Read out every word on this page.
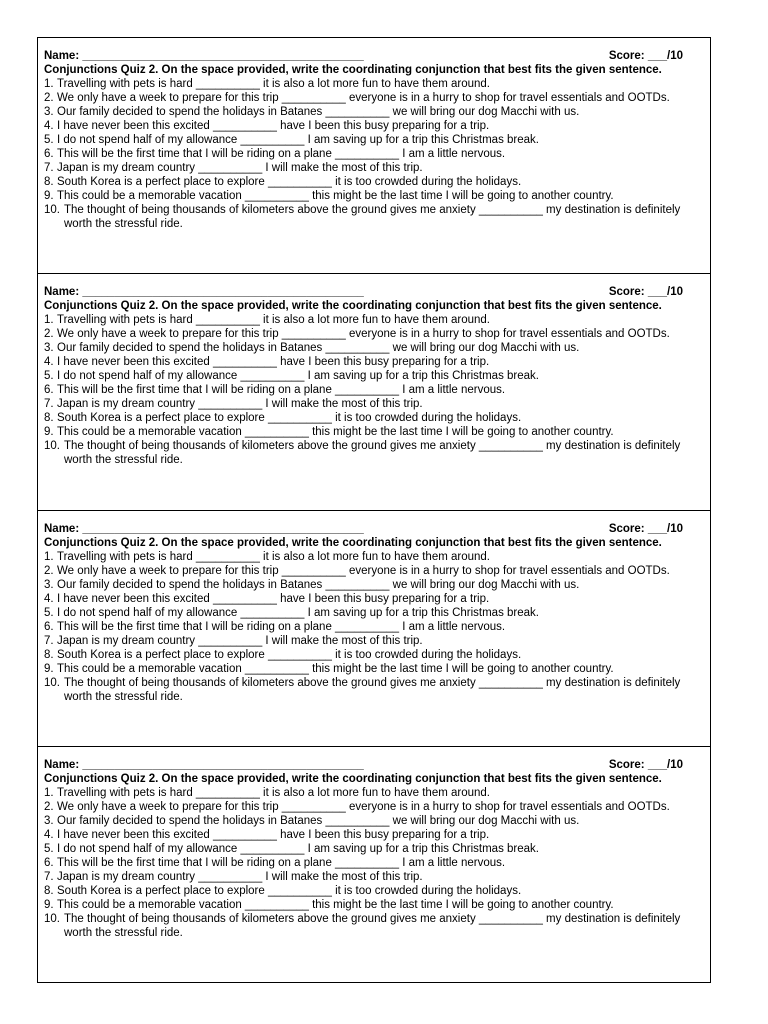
Name: ____________________________________________	Score: ___/10
Conjunctions Quiz 2. On the space provided, write the coordinating conjunction that best fits the given sentence.
1. Travelling with pets is hard __________ it is also a lot more fun to have them around.
2. We only have a week to prepare for this trip __________ everyone is in a hurry to shop for travel essentials and OOTDs.
3. Our family decided to spend the holidays in Batanes __________ we will bring our dog Macchi with us.
4. I have never been this excited __________ have I been this busy preparing for a trip.
5. I do not spend half of my allowance __________ I am saving up for a trip this Christmas break.
6. This will be the first time that I will be riding on a plane __________ I am a little nervous.
7. Japan is my dream country __________ I will make the most of this trip.
8. South Korea is a perfect place to explore __________ it is too crowded during the holidays.
9. This could be a memorable vacation __________ this might be the last time I will be going to another country.
10. The thought of being thousands of kilometers above the ground gives me anxiety __________ my destination is definitely worth the stressful ride.
Name: ____________________________________________	Score: ___/10
Conjunctions Quiz 2. On the space provided, write the coordinating conjunction that best fits the given sentence.
1. Travelling with pets is hard __________ it is also a lot more fun to have them around.
2. We only have a week to prepare for this trip __________ everyone is in a hurry to shop for travel essentials and OOTDs.
3. Our family decided to spend the holidays in Batanes __________ we will bring our dog Macchi with us.
4. I have never been this excited __________ have I been this busy preparing for a trip.
5. I do not spend half of my allowance __________ I am saving up for a trip this Christmas break.
6. This will be the first time that I will be riding on a plane __________ I am a little nervous.
7. Japan is my dream country __________ I will make the most of this trip.
8. South Korea is a perfect place to explore __________ it is too crowded during the holidays.
9. This could be a memorable vacation __________ this might be the last time I will be going to another country.
10. The thought of being thousands of kilometers above the ground gives me anxiety __________ my destination is definitely worth the stressful ride.
Name: ____________________________________________	Score: ___/10
Conjunctions Quiz 2. On the space provided, write the coordinating conjunction that best fits the given sentence.
1. Travelling with pets is hard __________ it is also a lot more fun to have them around.
2. We only have a week to prepare for this trip __________ everyone is in a hurry to shop for travel essentials and OOTDs.
3. Our family decided to spend the holidays in Batanes __________ we will bring our dog Macchi with us.
4. I have never been this excited __________ have I been this busy preparing for a trip.
5. I do not spend half of my allowance __________ I am saving up for a trip this Christmas break.
6. This will be the first time that I will be riding on a plane __________ I am a little nervous.
7. Japan is my dream country __________ I will make the most of this trip.
8. South Korea is a perfect place to explore __________ it is too crowded during the holidays.
9. This could be a memorable vacation __________ this might be the last time I will be going to another country.
10. The thought of being thousands of kilometers above the ground gives me anxiety __________ my destination is definitely worth the stressful ride.
Name: ____________________________________________	Score: ___/10
Conjunctions Quiz 2. On the space provided, write the coordinating conjunction that best fits the given sentence.
1. Travelling with pets is hard __________ it is also a lot more fun to have them around.
2. We only have a week to prepare for this trip __________ everyone is in a hurry to shop for travel essentials and OOTDs.
3. Our family decided to spend the holidays in Batanes __________ we will bring our dog Macchi with us.
4. I have never been this excited __________ have I been this busy preparing for a trip.
5. I do not spend half of my allowance __________ I am saving up for a trip this Christmas break.
6. This will be the first time that I will be riding on a plane __________ I am a little nervous.
7. Japan is my dream country __________ I will make the most of this trip.
8. South Korea is a perfect place to explore __________ it is too crowded during the holidays.
9. This could be a memorable vacation __________ this might be the last time I will be going to another country.
10. The thought of being thousands of kilometers above the ground gives me anxiety __________ my destination is definitely worth the stressful ride.
